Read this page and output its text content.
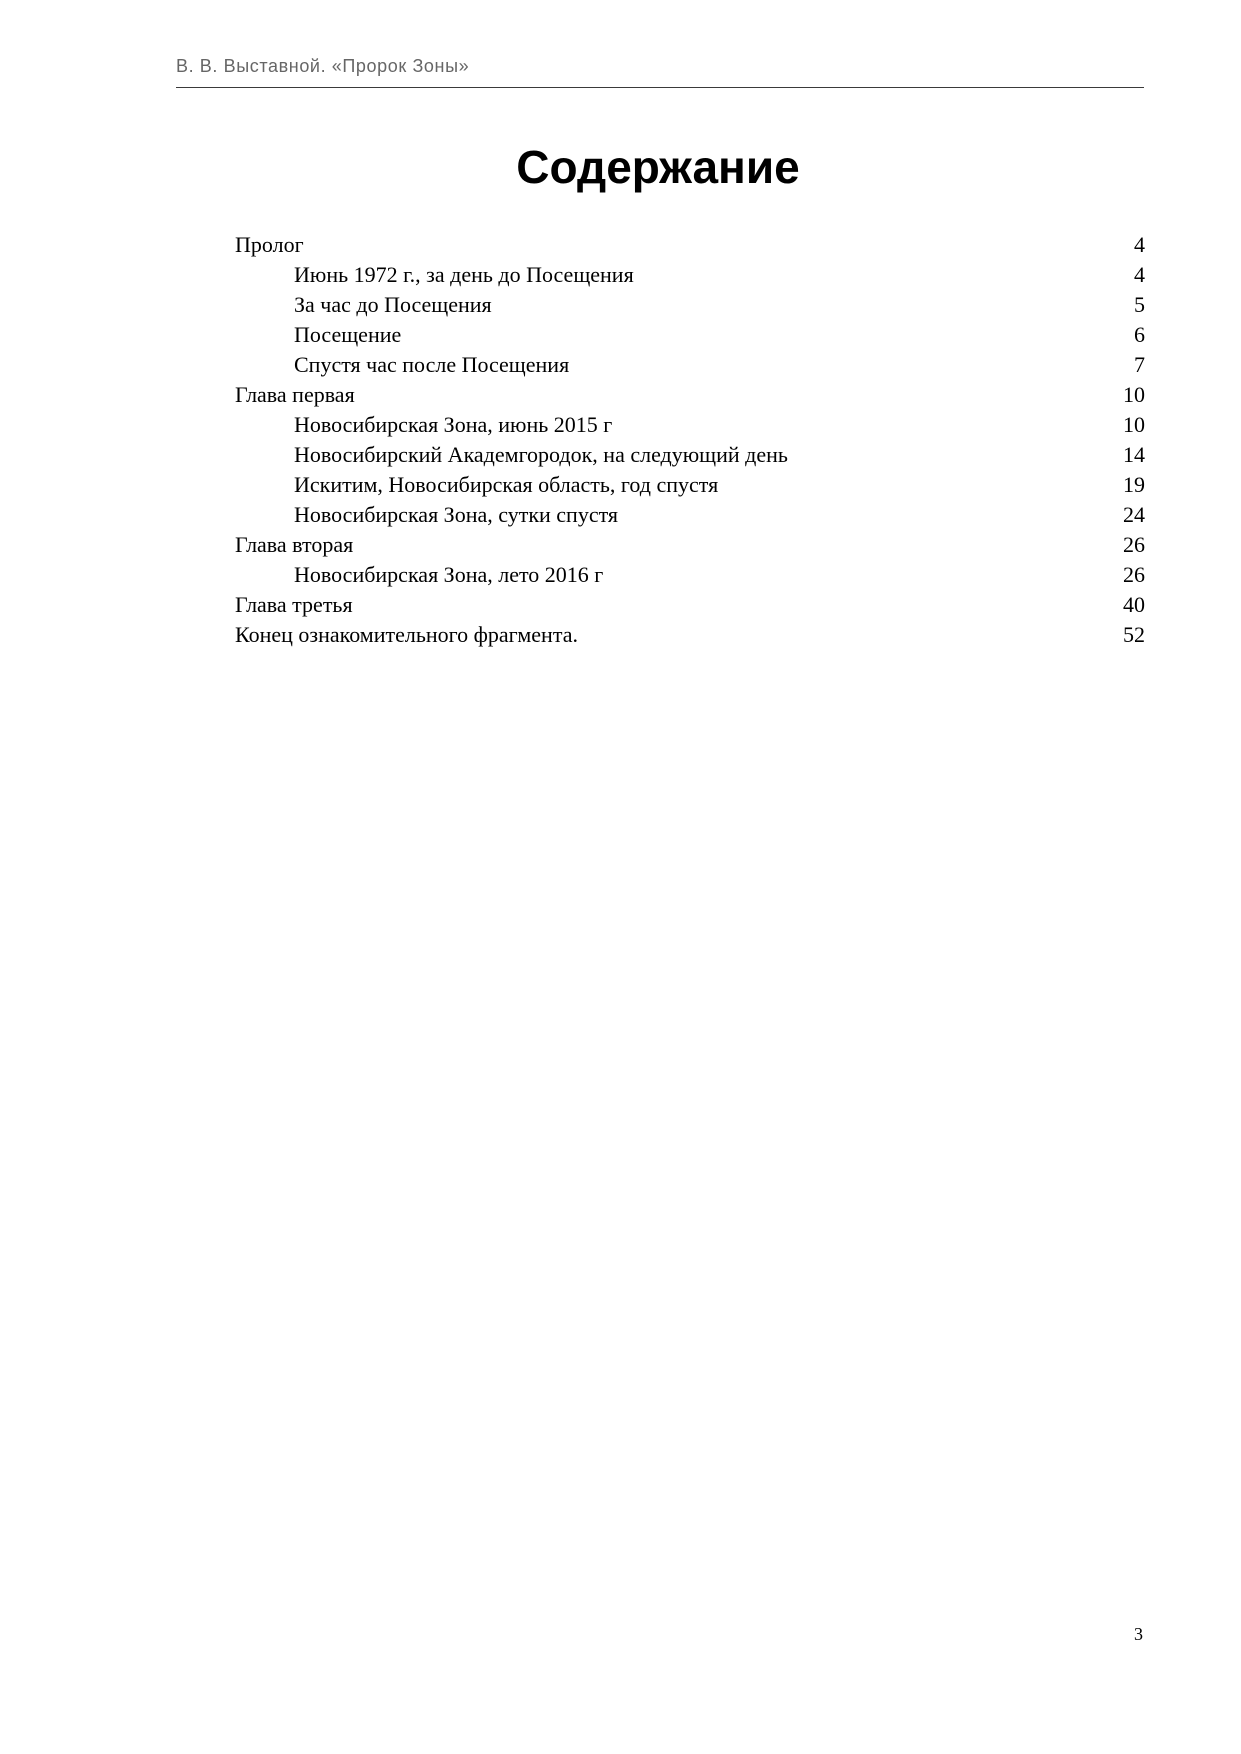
В. В. Выставной. «Пророк Зоны»
Содержание
Пролог	4
Июнь 1972 г., за день до Посещения	4
За час до Посещения	5
Посещение	6
Спустя час после Посещения	7
Глава первая	10
Новосибирская Зона, июнь 2015 г	10
Новосибирский Академгородок, на следующий день	14
Искитим, Новосибирская область, год спустя	19
Новосибирская Зона, сутки спустя	24
Глава вторая	26
Новосибирская Зона, лето 2016 г	26
Глава третья	40
Конец ознакомительного фрагмента.	52
3
